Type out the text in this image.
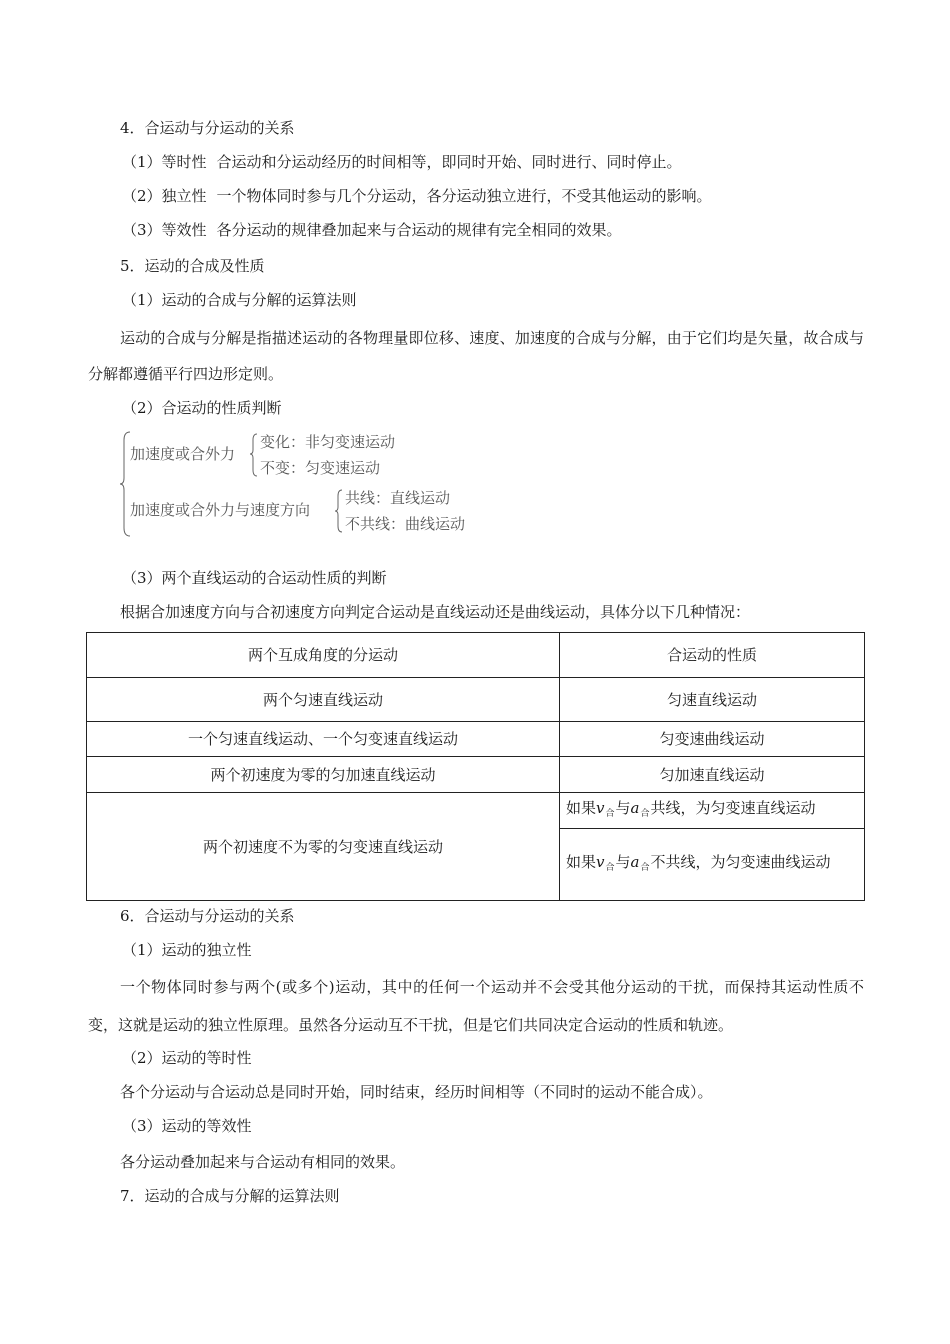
4．合运动与分运动的关系
（1）等时性 合运动和分运动经历的时间相等，即同时开始、同时进行、同时停止。
（2）独立性 一个物体同时参与几个分运动，各分运动独立进行，不受其他运动的影响。
（3）等效性 各分运动的规律叠加起来与合运动的规律有完全相同的效果。
5．运动的合成及性质
（1）运动的合成与分解的运算法则
运动的合成与分解是指描述运动的各物理量即位移、速度、加速度的合成与分解，由于它们均是矢量，故合成与分解都遵循平行四边形定则。
（2）合运动的性质判断
加速度或合外力
变化：非匀变速运动
不变：匀变速运动
加速度或合外力与速度方向
共线：直线运动
不共线：曲线运动
（3）两个直线运动的合运动性质的判断
根据合加速度方向与合初速度方向判定合运动是直线运动还是曲线运动，具体分以下几种情况：
两个互成角度的分运动	合运动的性质
两个匀速直线运动	匀速直线运动
一个匀速直线运动、一个匀变速直线运动	匀变速曲线运动
两个初速度为零的匀加速直线运动	匀加速直线运动
两个初速度不为零的匀变速直线运动	如果$v_合$与$a_合$共线，为匀变速直线运动
	如果$v_合$与$a_合$不共线，为匀变速曲线运动
6．合运动与分运动的关系
（1）运动的独立性
一个物体同时参与两个(或多个)运动，其中的任何一个运动并不会受其他分运动的干扰，而保持其运动性质不变，这就是运动的独立性原理。虽然各分运动互不干扰，但是它们共同决定合运动的性质和轨迹。
（2）运动的等时性
各个分运动与合运动总是同时开始，同时结束，经历时间相等（不同时的运动不能合成）。
（3）运动的等效性
各分运动叠加起来与合运动有相同的效果。
7．运动的合成与分解的运算法则
